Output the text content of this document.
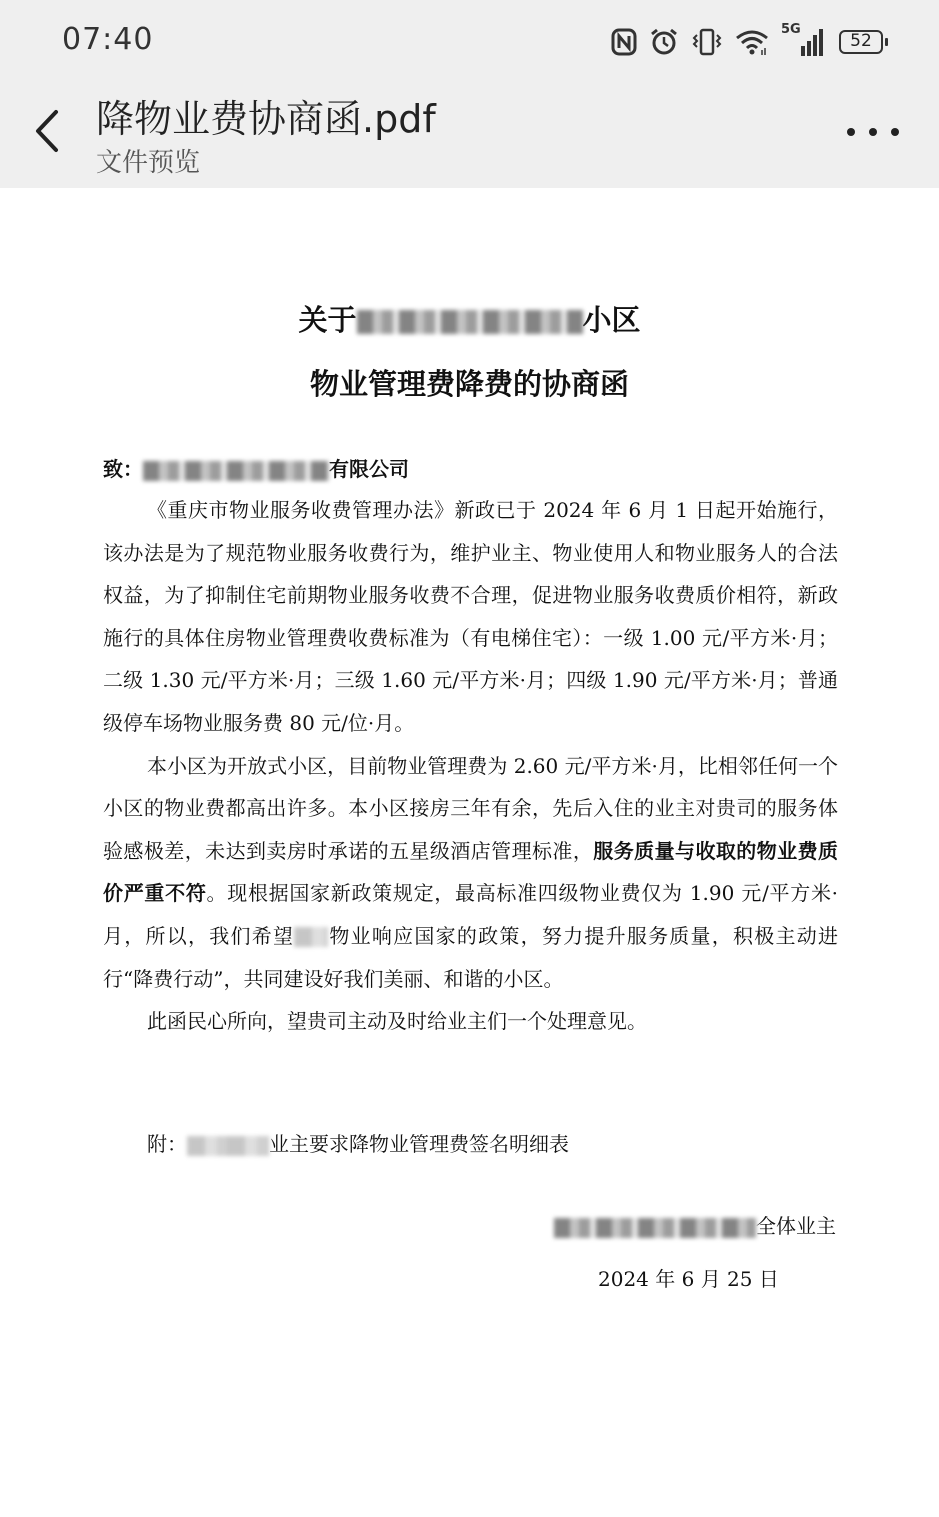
07:40	5G
52
降物业费协商函.pdf
文件预览
关于	小区
物业管理费降费的协商函
致：	有限公司

《重庆市物业服务收费管理办法》新政已于 2024 年 6 月 1 日起开始施行，该办法是为了规范物业服务收费行为，维护业主、物业使用人和物业服务人的合法权益，为了抑制住宅前期物业服务收费不合理，促进物业服务收费质价相符，新政施行的具体住房物业管理费收费标准为（有电梯住宅）：一级 1.00 元/平方米·月；二级 1.30 元/平方米·月；三级 1.60 元/平方米·月；四级 1.90 元/平方米·月；普通级停车场物业服务费 80 元/位·月。

本小区为开放式小区，目前物业管理费为 2.60 元/平方米·月，比相邻任何一个小区的物业费都高出许多。本小区接房三年有余，先后入住的业主对贵司的服务体验感极差，未达到卖房时承诺的五星级酒店管理标准，服务质量与收取的物业费质价严重不符。现根据国家新政策规定，最高标准四级物业费仅为 1.90 元/平方米·月，所以，我们希望 物业响应国家的政策，努力提升服务质量，积极主动进行“降费行动”，共同建设好我们美丽、和谐的小区。

此函民心所向，望贵司主动及时给业主们一个处理意见。

附：	业主要求降物业管理费签名明细表
全体业主
2024 年 6 月 25 日
